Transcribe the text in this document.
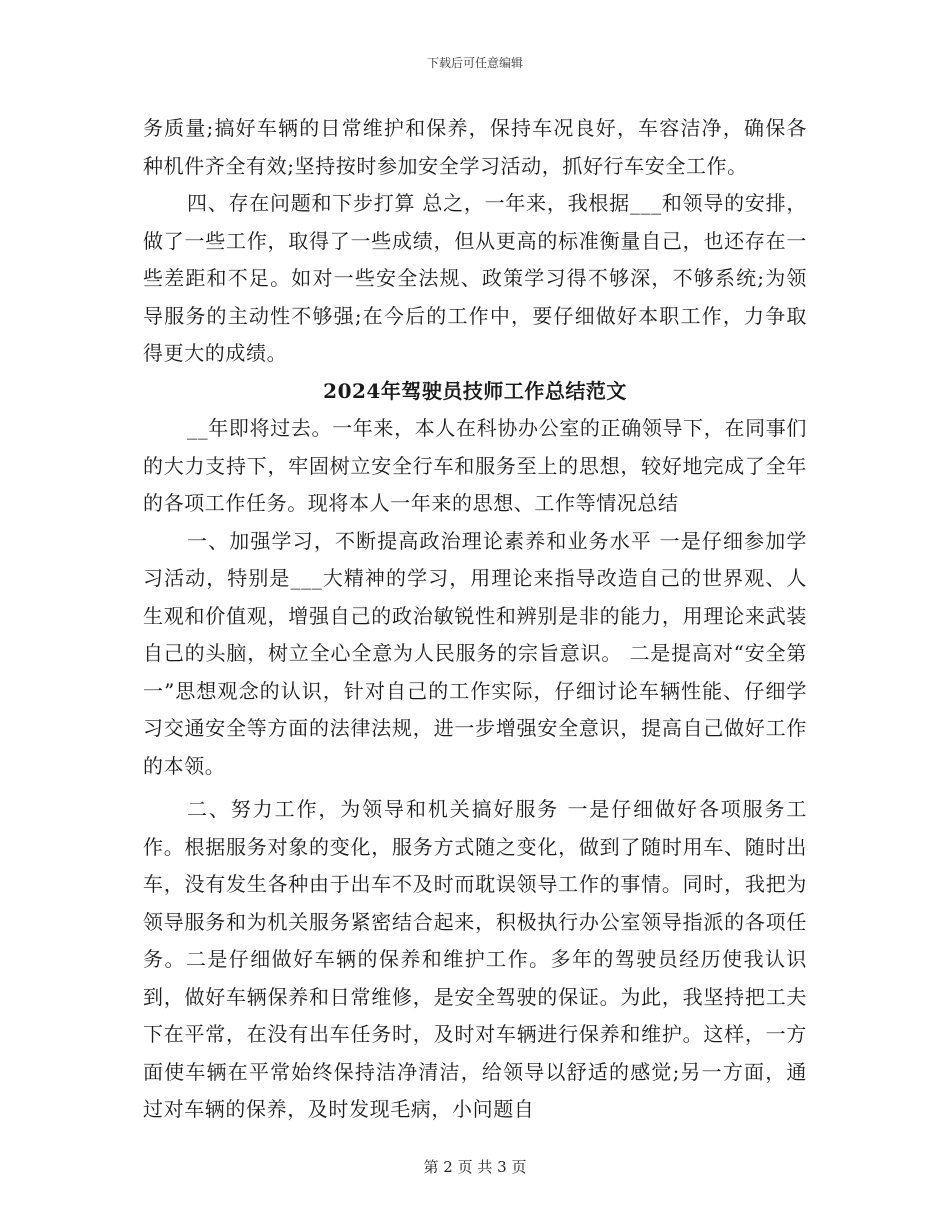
下载后可任意编辑

务质量;搞好车辆的日常维护和保养，保持车况良好，车容洁净，确保各种机件齐全有效;坚持按时参加安全学习活动，抓好行车安全工作。

四、存在问题和下步打算 总之，一年来，我根据___和领导的安排，做了一些工作，取得了一些成绩，但从更高的标准衡量自己，也还存在一些差距和不足。如对一些安全法规、政策学习得不够深，不够系统;为领导服务的主动性不够强;在今后的工作中，要仔细做好本职工作，力争取得更大的成绩。

2024年驾驶员技师工作总结范文

__年即将过去。一年来，本人在科协办公室的正确领导下，在同事们的大力支持下，牢固树立安全行车和服务至上的思想，较好地完成了全年的各项工作任务。现将本人一年来的思想、工作等情况总结

一、加强学习，不断提高政治理论素养和业务水平 一是仔细参加学习活动，特别是___大精神的学习，用理论来指导改造自己的世界观、人生观和价值观，增强自己的政治敏锐性和辨别是非的能力，用理论来武装自己的头脑，树立全心全意为人民服务的宗旨意识。 二是提高对“安全第一”思想观念的认识，针对自己的工作实际，仔细讨论车辆性能、仔细学习交通安全等方面的法律法规，进一步增强安全意识，提高自己做好工作的本领。

二、努力工作，为领导和机关搞好服务 一是仔细做好各项服务工作。根据服务对象的变化，服务方式随之变化，做到了随时用车、随时出车，没有发生各种由于出车不及时而耽误领导工作的事情。同时，我把为领导服务和为机关服务紧密结合起来，积极执行办公室领导指派的各项任务。二是仔细做好车辆的保养和维护工作。多年的驾驶员经历使我认识到，做好车辆保养和日常维修，是安全驾驶的保证。为此，我坚持把工夫下在平常，在没有出车任务时，及时对车辆进行保养和维护。这样，一方面使车辆在平常始终保持洁净清洁，给领导以舒适的感觉;另一方面，通过对车辆的保养，及时发现毛病，小问题自

第 2 页 共 3 页
